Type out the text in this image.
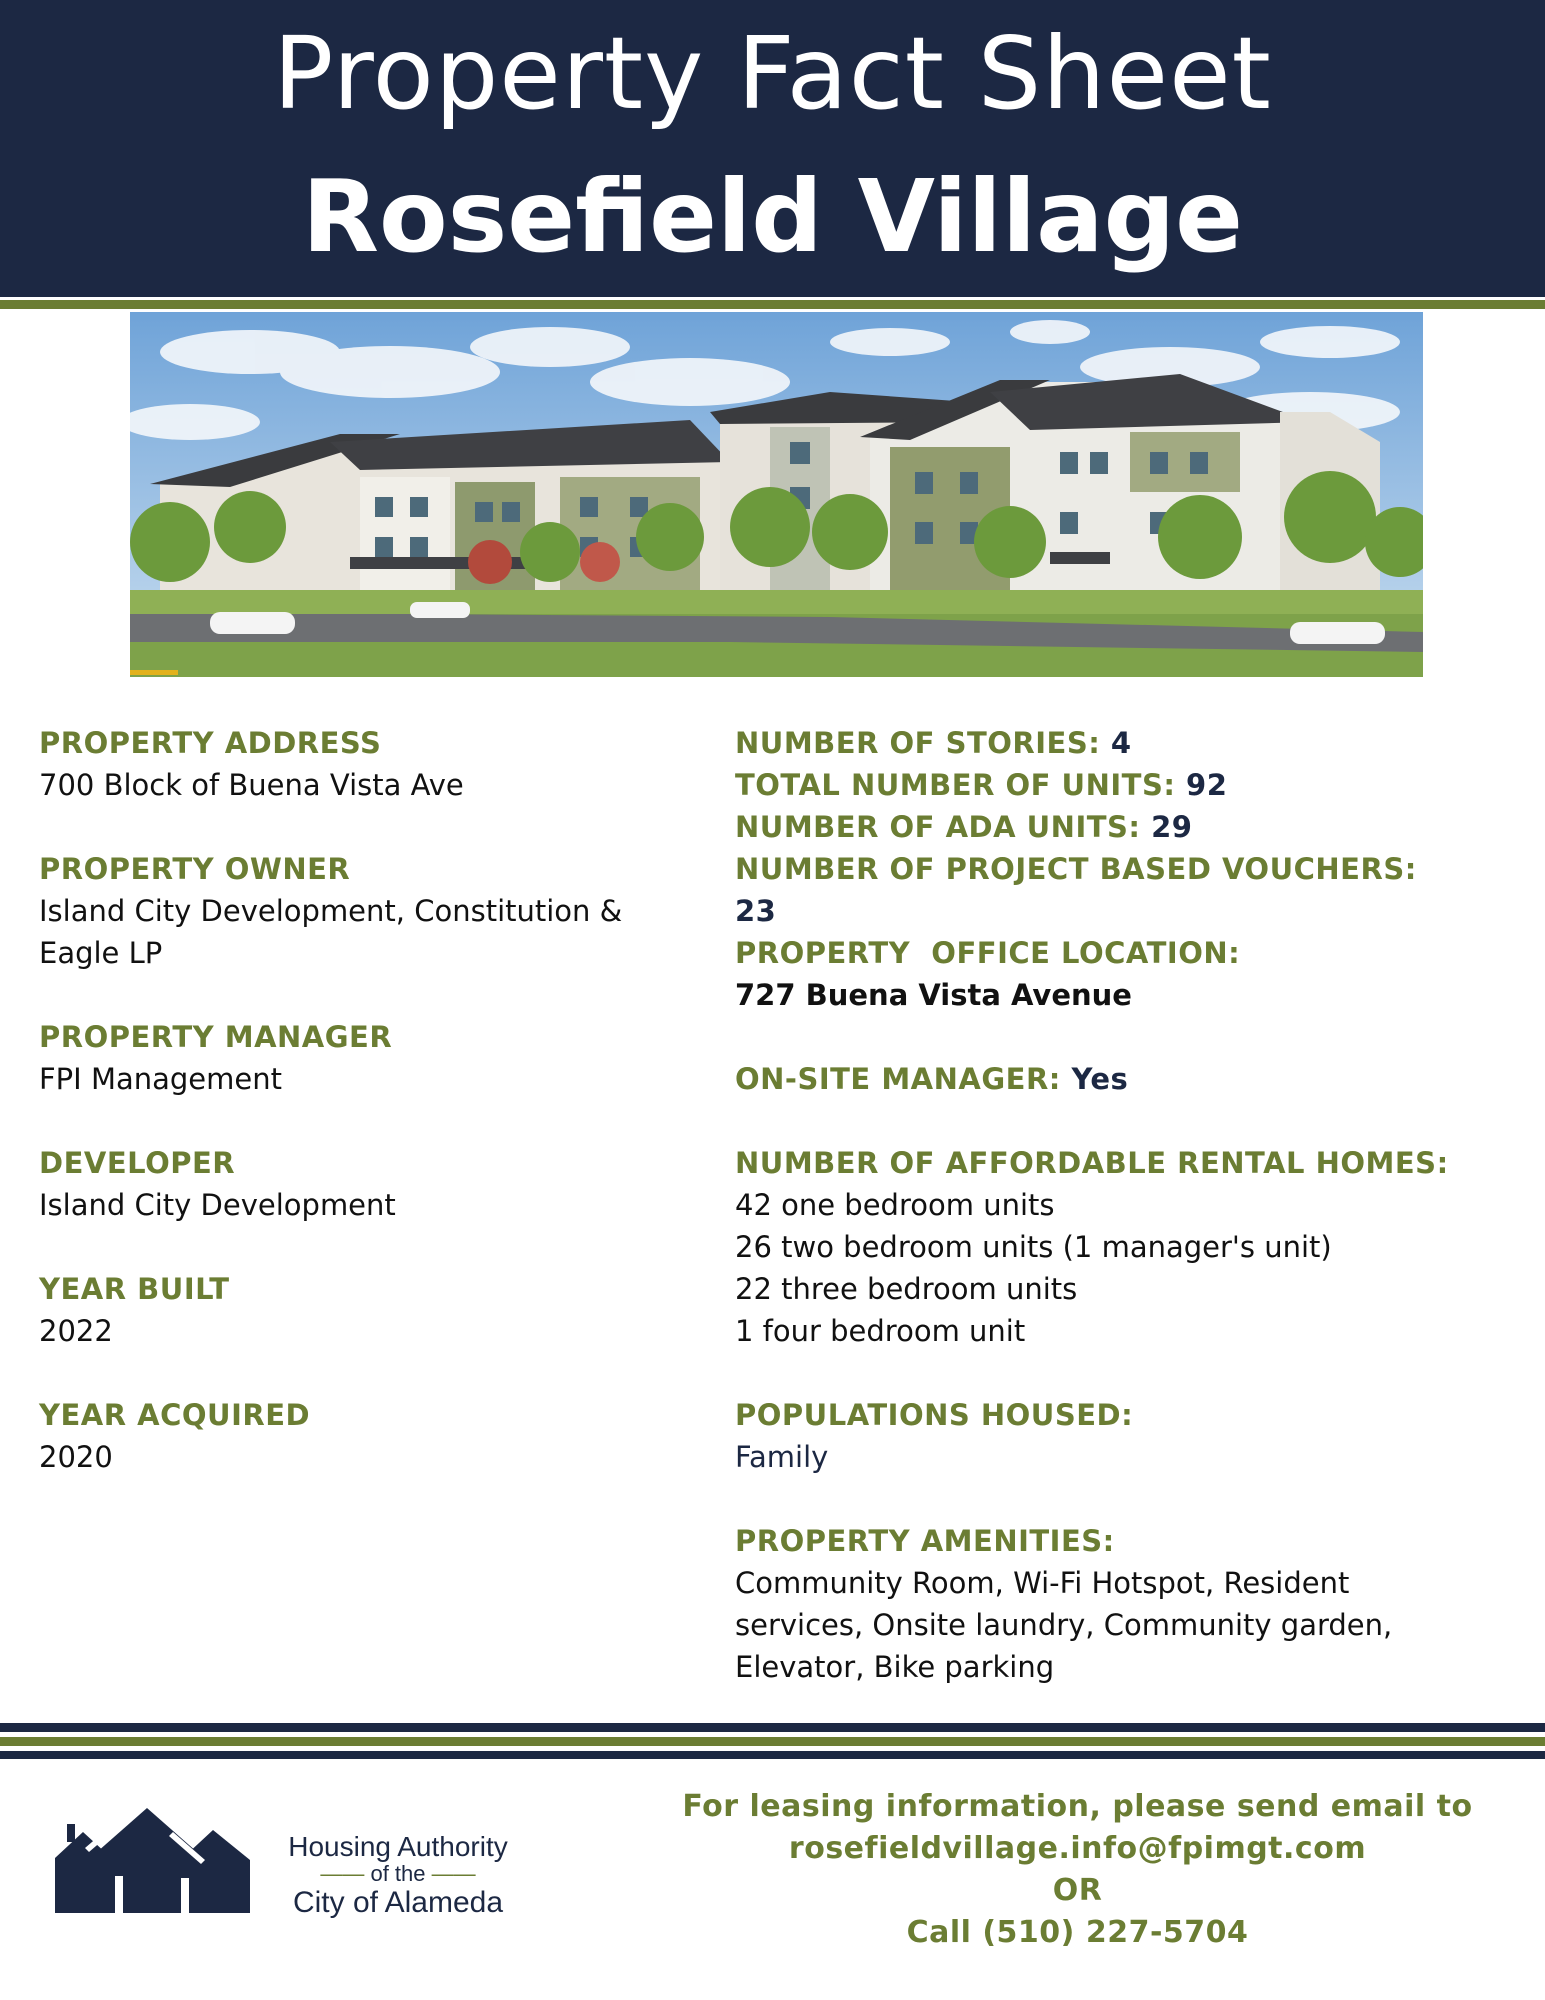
Property Fact Sheet
Rosefield Village
PROPERTY ADDRESS
700 Block of Buena Vista Ave
PROPERTY OWNER
Island City Development, Constitution &
Eagle LP
PROPERTY MANAGER
FPI Management
DEVELOPER
Island City Development
YEAR BUILT
2022
YEAR ACQUIRED
2020
NUMBER OF STORIES: 4
TOTAL NUMBER OF UNITS: 92
NUMBER OF ADA UNITS: 29
NUMBER OF PROJECT BASED VOUCHERS:
23
PROPERTY  OFFICE LOCATION:
727 Buena Vista Avenue
ON-SITE MANAGER: Yes
NUMBER OF AFFORDABLE RENTAL HOMES:
42 one bedroom units
26 two bedroom units (1 manager's unit)
22 three bedroom units
1 four bedroom unit
POPULATIONS HOUSED:
Family
PROPERTY AMENITIES:
Community Room, Wi-Fi Hotspot, Resident
services, Onsite laundry, Community garden,
Elevator, Bike parking
Housing Authority
—— of the ——
City of Alameda
For leasing information, please send email to
rosefieldvillage.info@fpimgt.com
OR
Call (510) 227-5704
